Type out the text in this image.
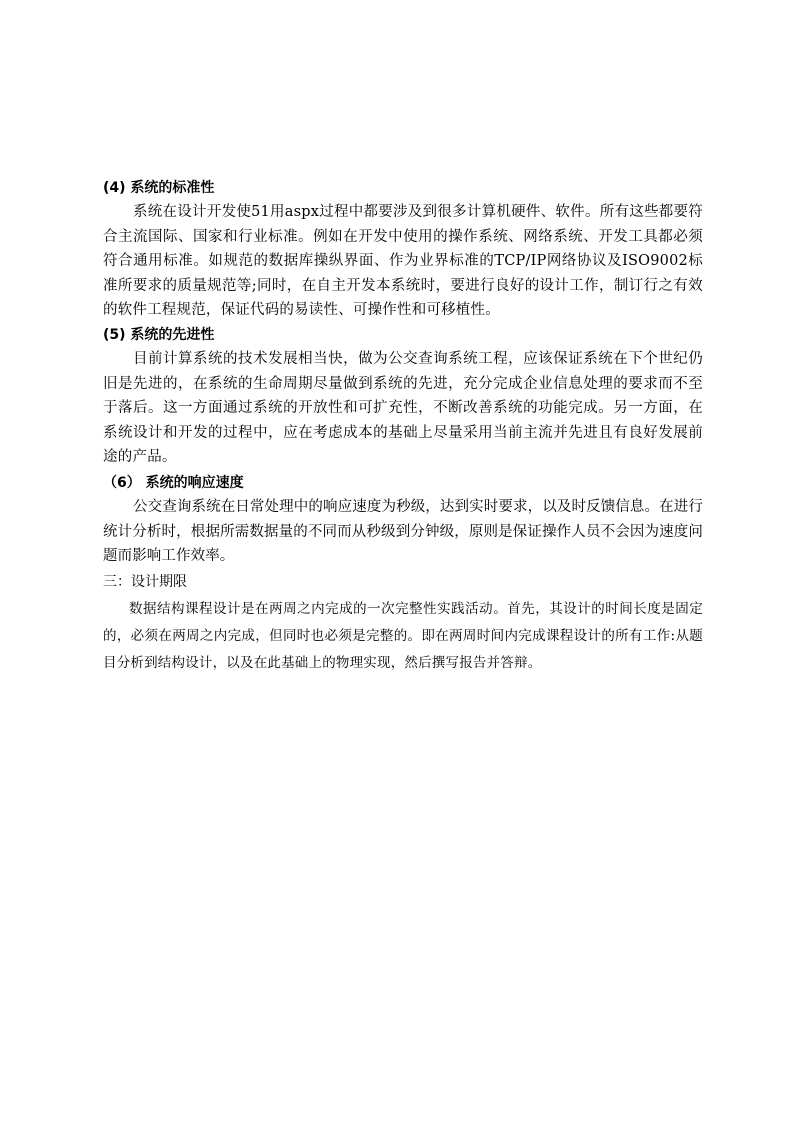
(4) 系统的标准性

系统在设计开发使51用aspx过程中都要涉及到很多计算机硬件、软件。所有这些都要符合主流国际、国家和行业标准。例如在开发中使用的操作系统、网络系统、开发工具都必须符合通用标准。如规范的数据库操纵界面、作为业界标准的TCP/IP网络协议及ISO9002标准所要求的质量规范等;同时，在自主开发本系统时，要进行良好的设计工作，制订行之有效的软件工程规范，保证代码的易读性、可操作性和可移植性。

(5) 系统的先进性

目前计算系统的技术发展相当快，做为公交查询系统工程，应该保证系统在下个世纪仍旧是先进的，在系统的生命周期尽量做到系统的先进，充分完成企业信息处理的要求而不至于落后。这一方面通过系统的开放性和可扩充性，不断改善系统的功能完成。另一方面，在系统设计和开发的过程中，应在考虑成本的基础上尽量采用当前主流并先进且有良好发展前途的产品。

（6） 系统的响应速度

公交查询系统在日常处理中的响应速度为秒级，达到实时要求，以及时反馈信息。在进行统计分析时，根据所需数据量的不同而从秒级到分钟级，原则是保证操作人员不会因为速度问题而影响工作效率。

三：设计期限

数据结构课程设计是在两周之内完成的一次完整性实践活动。首先，其设计的时间长度是固定的，必须在两周之内完成，但同时也必须是完整的。即在两周时间内完成课程设计的所有工作:从题目分析到结构设计，以及在此基础上的物理实现，然后撰写报告并答辩。
